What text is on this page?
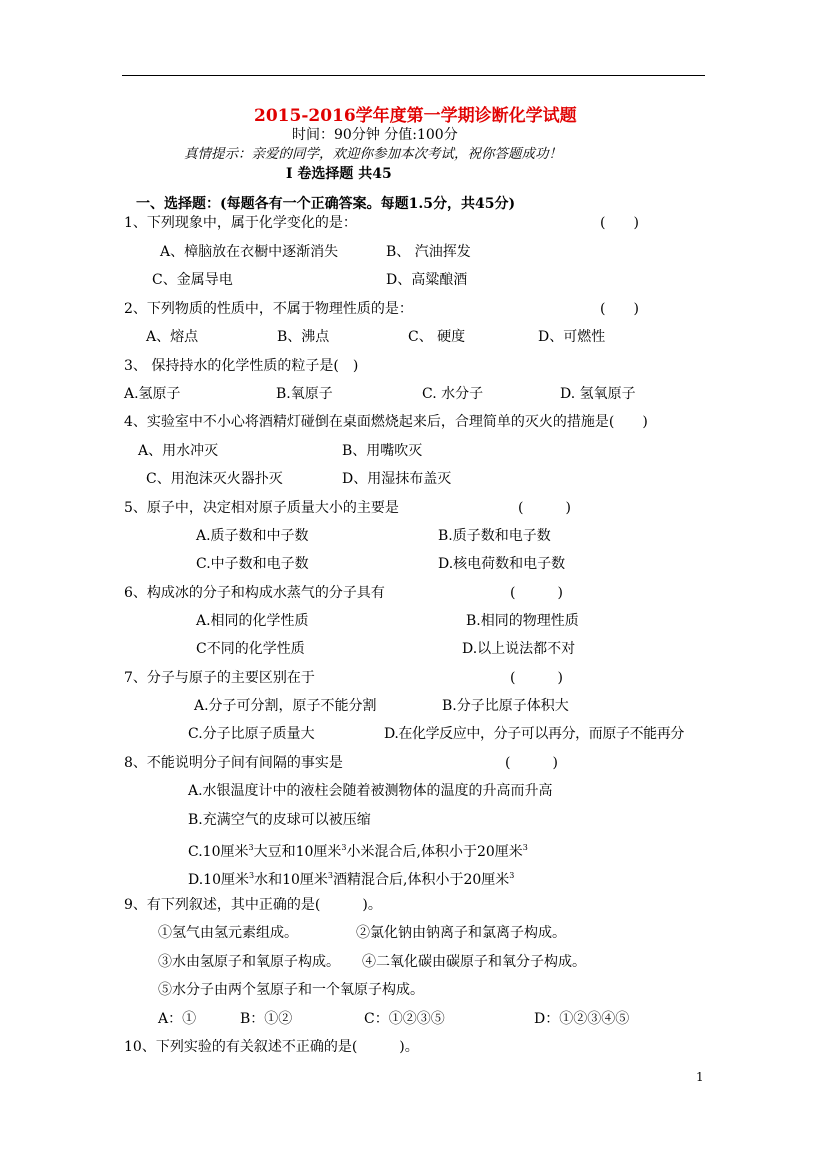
2015-2016学年度第一学期诊断化学试题
时间：90分钟 分值:100分
真情提示：亲爱的同学，欢迎你参加本次考试，祝你答题成功！
Ⅰ 卷选择题 共45
一、选择题：(每题各有一个正确答案。每题1.5分，共45分)
1、下列现象中，属于化学变化的是：	(　　)
A、樟脑放在衣橱中逐渐消失	B、 汽油挥发
C、金属导电	D、高粱酿酒
2、下列物质的性质中，不属于物理性质的是：	(　　)
A、熔点	B、沸点	C、 硬度	D、可燃性
3、 保持持水的化学性质的粒子是(　)
A.氢原子	B.氧原子	C. 水分子	D. 氢氧原子
4、实验室中不小心将酒精灯碰倒在桌面燃烧起来后，合理简单的灭火的措施是(　　)
A、用水冲灭	B、用嘴吹灭
C、用泡沫灭火器扑灭	D、用湿抹布盖灭
5、原子中，决定相对原子质量大小的主要是	(　　　)
A.质子数和中子数	B.质子数和电子数
C.中子数和电子数	D.核电荷数和电子数
6、构成冰的分子和构成水蒸气的分子具有	(　　　)
A.相同的化学性质	B.相同的物理性质
C不同的化学性质	D.以上说法都不对
7、分子与原子的主要区别在于	(　　　)
A.分子可分割，原子不能分割	B.分子比原子体积大
C.分子比原子质量大	D.在化学反应中，分子可以再分，而原子不能再分
8、不能说明分子间有间隔的事实是	(　　　)
A.水银温度计中的液柱会随着被测物体的温度的升高而升高
B.充满空气的皮球可以被压缩
C.10厘米$^3$大豆和10厘米$^3$小米混合后,体积小于20厘米$^3$
D.10厘米$^3$水和10厘米$^3$酒精混合后,体积小于20厘米$^3$
9、有下列叙述，其中正确的是(　　　)。
①氢气由氢元素组成。	②氯化钠由钠离子和氯离子构成。
③水由氢原子和氧原子构成。 ④二氧化碳由碳原子和氧分子构成。
⑤水分子由两个氢原子和一个氧原子构成。
A：①	B：①②	C：①②③⑤	D：①②③④⑤
10、下列实验的有关叙述不正确的是(　　　)。
1
